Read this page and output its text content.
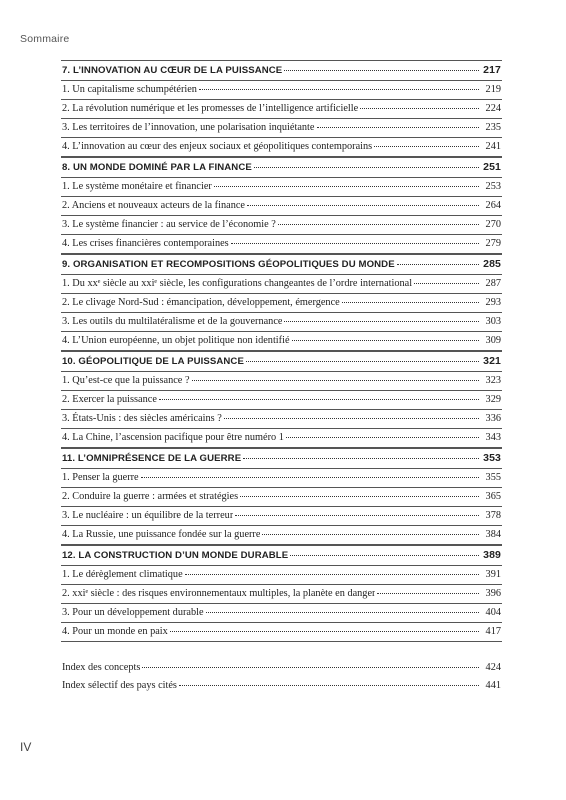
Sommaire
7. L’INNOVATION AU CŒUR DE LA PUISSANCE	217
1. Un capitalisme schumpétérien	219
2. La révolution numérique et les promesses de l’intelligence artificielle	224
3. Les territoires de l’innovation, une polarisation inquiétante	235
4. L’innovation au cœur des enjeux sociaux et géopolitiques contemporains	241
8. UN MONDE DOMINÉ PAR LA FINANCE	251
1. Le système monétaire et financier	253
2. Anciens et nouveaux acteurs de la finance	264
3. Le système financier : au service de l’économie ?	270
4. Les crises financières contemporaines	279
9. ORGANISATION ET RECOMPOSITIONS GÉOPOLITIQUES DU MONDE	285
1. Du xxᵉ siècle au xxiᵉ siècle, les configurations changeantes de l’ordre international	287
2. Le clivage Nord-Sud : émancipation, développement, émergence	293
3. Les outils du multilatéralisme et de la gouvernance	303
4. L’Union européenne, un objet politique non identifié	309
10. GÉOPOLITIQUE DE LA PUISSANCE	321
1. Qu’est-ce que la puissance ?	323
2. Exercer la puissance	329
3. États-Unis : des siècles américains ?	336
4. La Chine, l’ascension pacifique pour être numéro 1	343
11. L’OMNIPRÉSENCE DE LA GUERRE	353
1. Penser la guerre	355
2. Conduire la guerre : armées et stratégies	365
3. Le nucléaire : un équilibre de la terreur	378
4. La Russie, une puissance fondée sur la guerre	384
12. LA CONSTRUCTION D’UN MONDE DURABLE	389
1. Le dérèglement climatique	391
2. xxiᵉ siècle : des risques environnementaux multiples, la planète en danger	396
3. Pour un développement durable	404
4. Pour un monde en paix	417
Index des concepts	424
Index sélectif des pays cités	441
IV
